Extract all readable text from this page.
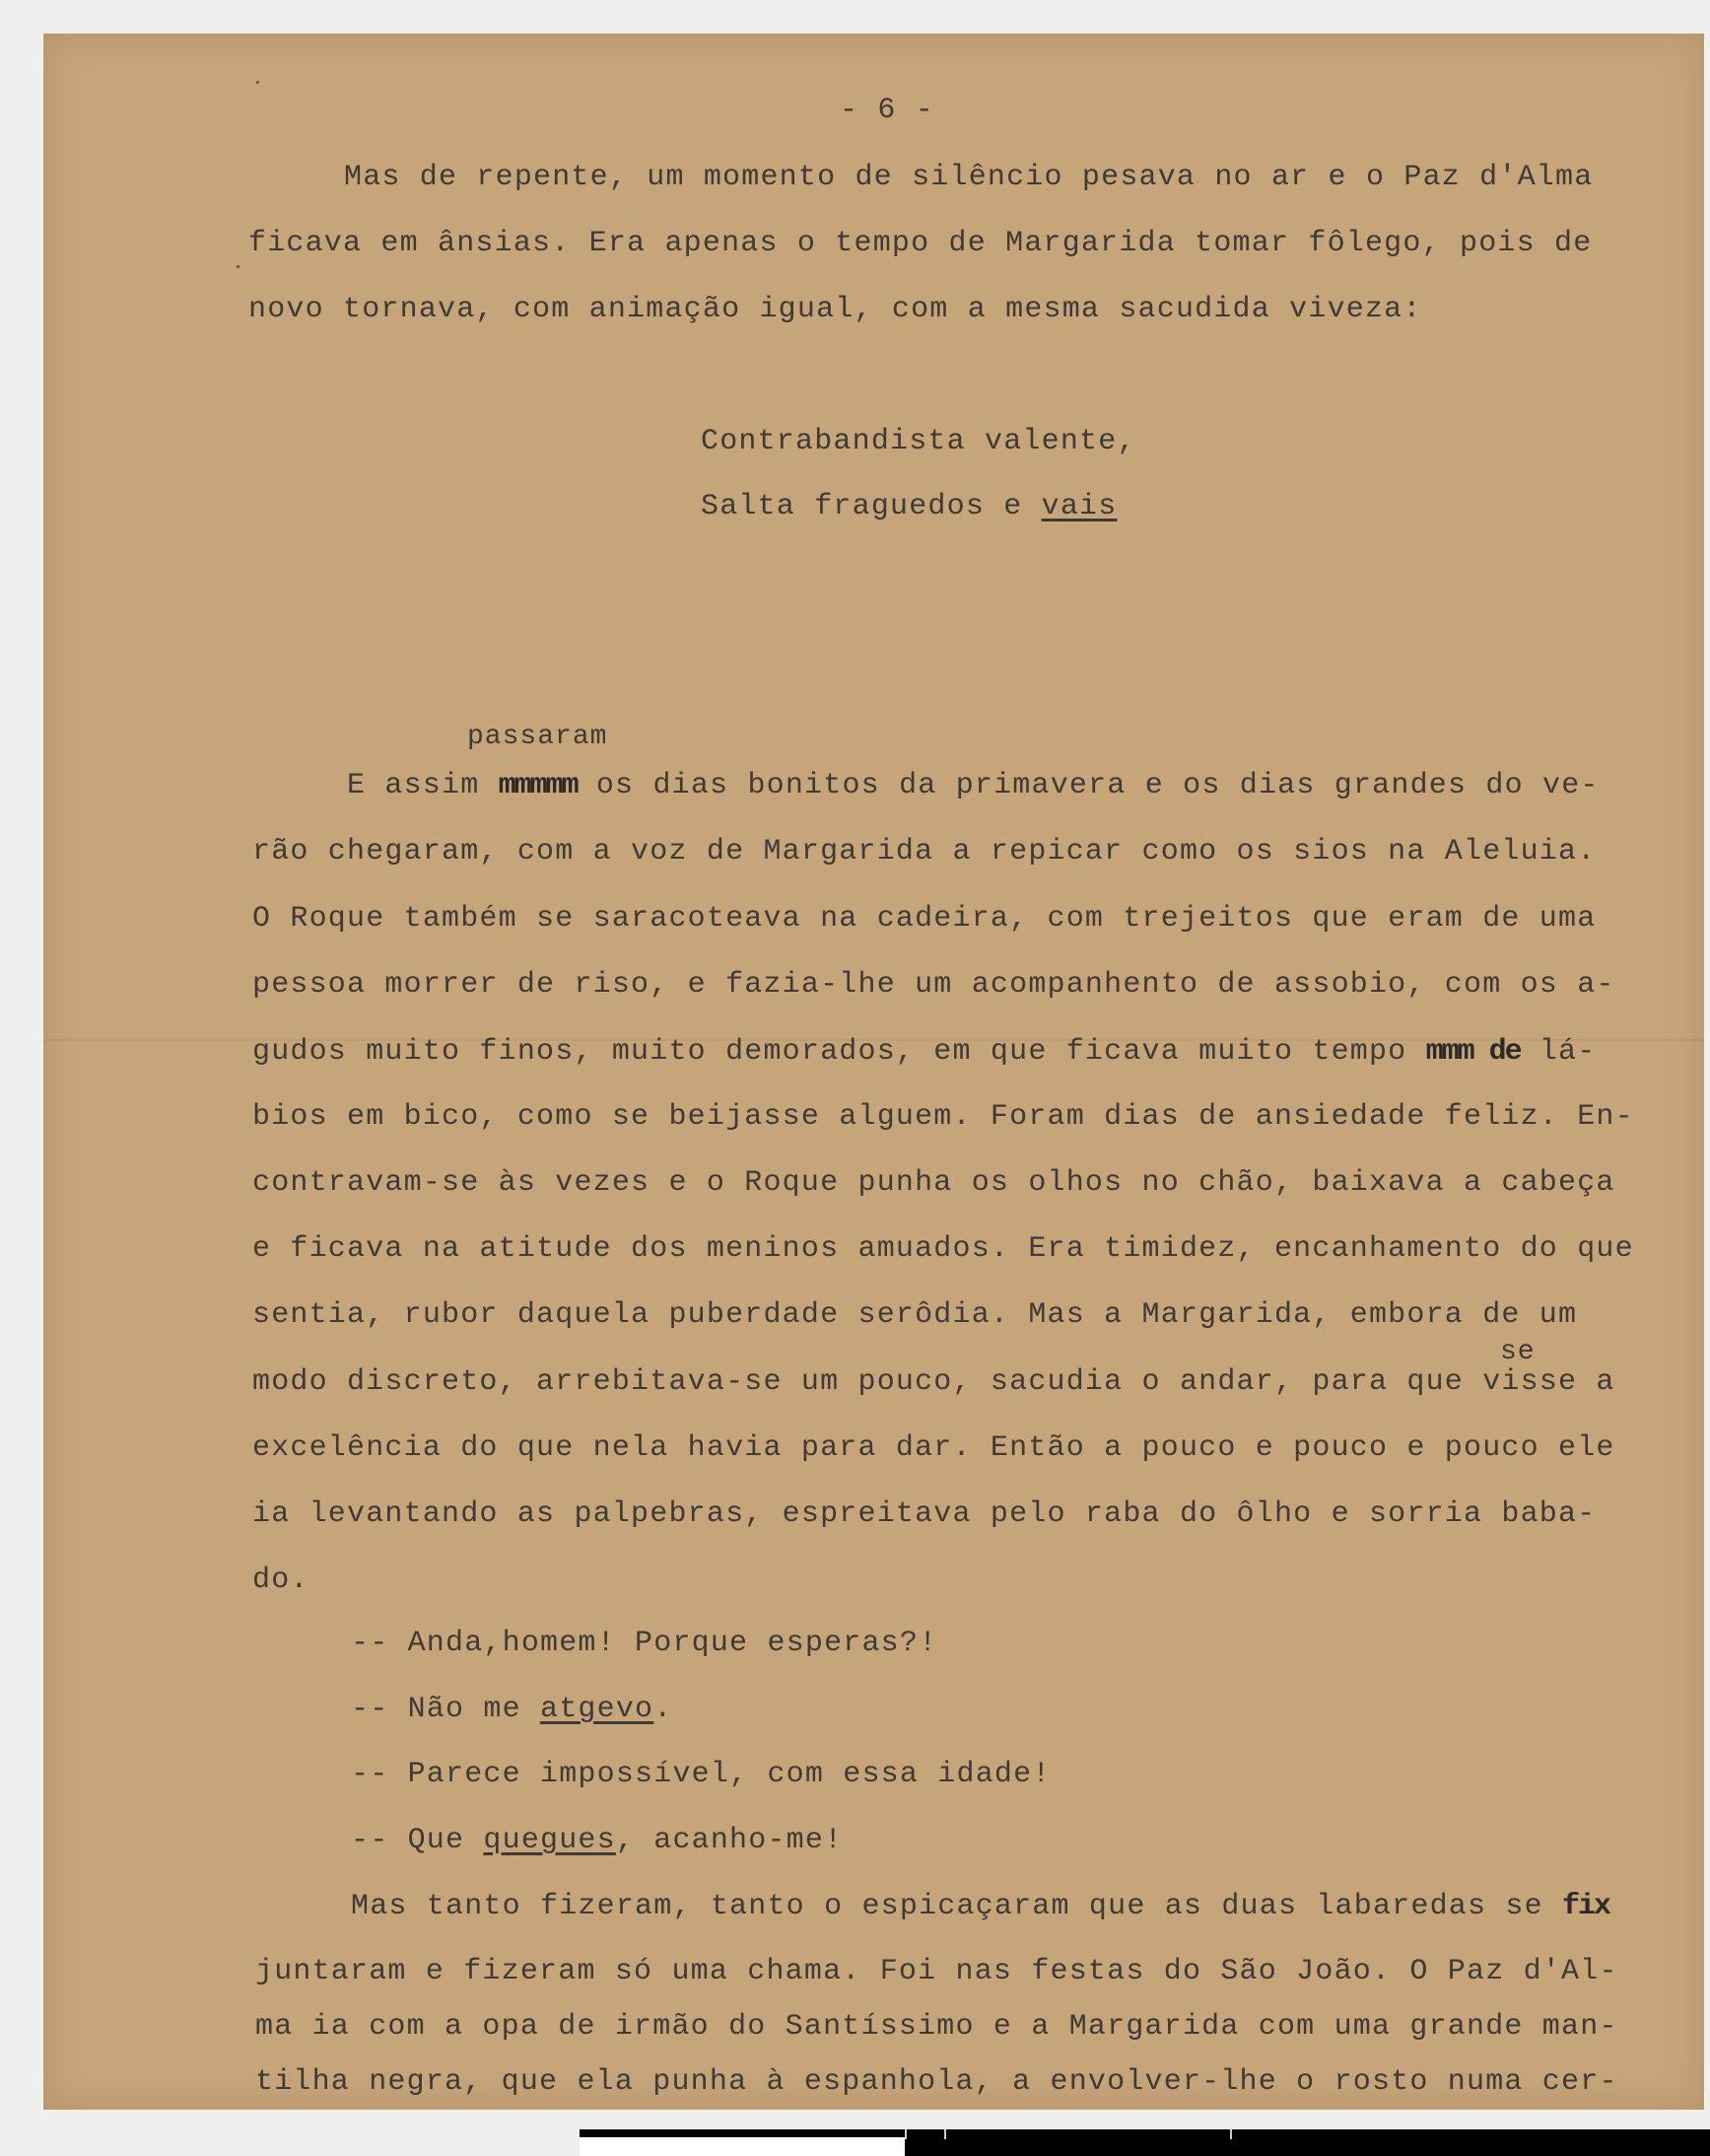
- 6 -
Mas de repente, um momento de silêncio pesava no ar e o Paz d'Alma
ficava em ânsias. Era apenas o tempo de Margarida tomar fôlego, pois de
novo tornava, com animação igual, com a mesma sacudida viveza:
Contrabandista valente,
Salta fraguedos e vais
passaram
E assim mmmmm os dias bonitos da primavera e os dias grandes do ve-
rão chegaram, com a voz de Margarida a repicar como os sios na Aleluia.
O Roque também se saracoteava na cadeira, com trejeitos que eram de uma
pessoa morrer de riso, e fazia-lhe um acompanhento de assobio, com os a-
gudos muito finos, muito demorados, em que ficava muito tempo mmm de lá-
bios em bico, como se beijasse alguem. Foram dias de ansiedade feliz. En-
contravam-se às vezes e o Roque punha os olhos no chão, baixava a cabeça
e ficava na atitude dos meninos amuados. Era timidez, encanhamento do que
sentia, rubor daquela puberdade serôdia. Mas a Margarida, embora de um
se
modo discreto, arrebitava-se um pouco, sacudia o andar, para que visse a
excelência do que nela havia para dar. Então a pouco e pouco e pouco ele
ia levantando as palpebras, espreitava pelo raba do ôlho e sorria baba-
do.
-- Anda,homem! Porque esperas?!
-- Não me atgevo.
-- Parece impossível, com essa idade!
-- Que quegues, acanho-me!
Mas tanto fizeram, tanto o espicaçaram que as duas labaredas se fix
juntaram e fizeram só uma chama. Foi nas festas do São João. O Paz d'Al-
ma ia com a opa de irmão do Santíssimo e a Margarida com uma grande man-
tilha negra, que ela punha à espanhola, a envolver-lhe o rosto numa cer-
